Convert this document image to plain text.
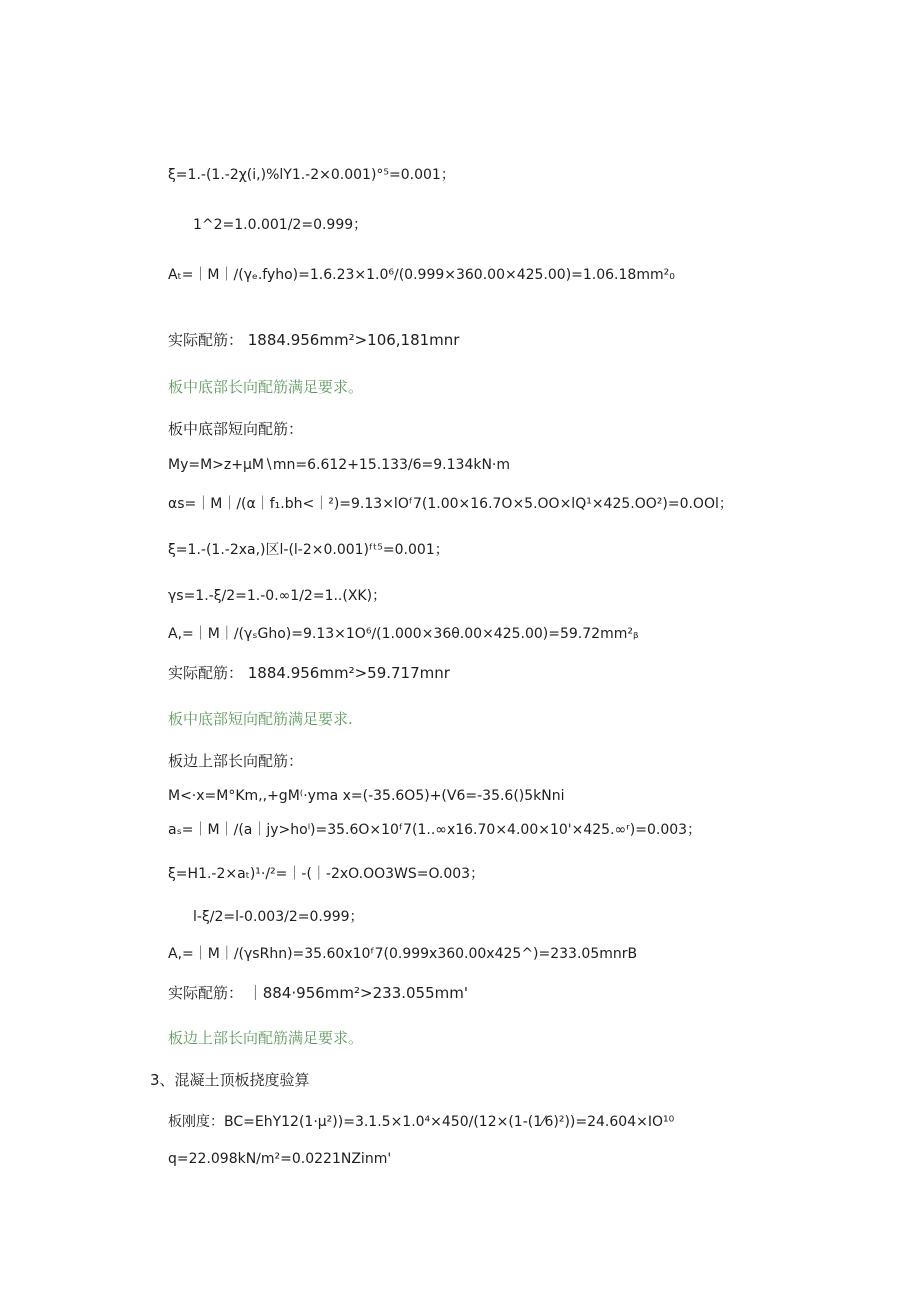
ξ=1.-(1.-2χ(i,)%lY1.-2×0.001)°⁵=0.001；
1^2=1.0.001/2=0.999；
Aₜ=｜M｜∕(γₑ.fyho)=1.6.23×1.0⁶∕(0.999×360.00×425.00)=1.06.18mm²₀
实际配筋： 1884.956mm²>106,181mnr
板中底部长向配筋满足要求。
板中底部短向配筋：
My=M>z+μM∖mn=6.612+15.133/6=9.134kN·m
αs=｜M｜∕(α｜f₁.bh<｜²)=9.13×lOᶠ7(1.00×16.7O×5.OO×lQ¹×425.OO²)=0.OOl；
ξ=1.-(1.-2xa,)区l-(l-2×0.001)ᶠᵗ⁵=0.001；
γs=1.-ξ∕2=1.-0.∞1∕2=1..(XK)；
A,=｜M｜∕(γₛGho)=9.13×1O⁶∕(1.000×36θ.00×425.00)=59.72mm²ᵦ
实际配筋： 1884.956mm²>59.717mnr
板中底部短向配筋满足要求.
板边上部长向配筋：
M<·x=M°Km,,+gM⁽·yma x=(-35.6O5)+(V6=-35.6()5kNni
aₛ=｜M｜∕(a｜jy>hoˡ)=35.6O×10ᶠ7(1..∞x16.70×4.00×10'×425.∞ʳ)=0.003；
ξ=H1.-2×aₜ)¹·/²=｜-(｜-2xO.OO3WS=O.003；
l-ξ∕2=l-0.003/2=0.999；
A,=｜M｜∕(γsRhn)=35.60x10ᶠ7(0.999x360.00x425^)=233.05mnrB
实际配筋： ｜884·956mm²>233.055mm'
板边上部长向配筋满足要求。
3、混凝土顶板挠度验算
板刚度：BC=EhY12(1·μ²))=3.1.5×1.0⁴×450∕(12×(1-(1⁄6)²))=24.604×IO¹⁰
q=22.098kN∕m²=0.0221NZinm'
